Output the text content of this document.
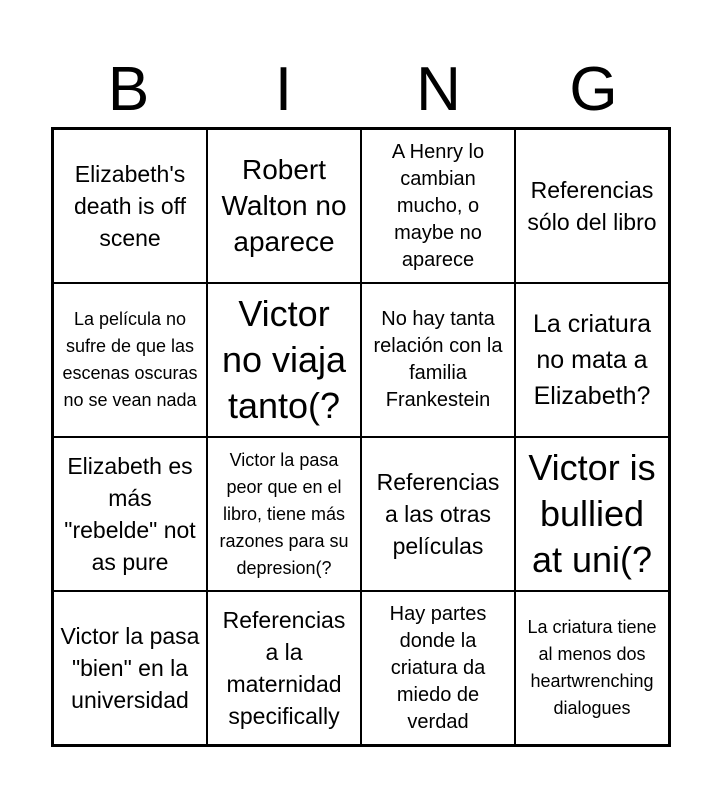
B	I	N	G
Elizabeth's death is off scene
Robert Walton no aparece
A Henry lo cambian mucho, o maybe no aparece
Referencias sólo del libro
La película no sufre de que las escenas oscuras no se vean nada
Victor no viaja tanto(?
No hay tanta relación con la familia Frankestein
La criatura no mata a Elizabeth?
Elizabeth es más "rebelde" not as pure
Victor la pasa peor que en el libro, tiene más razones para su depresion(?
Referencias a las otras películas
Victor is bullied at uni(?
Victor la pasa "bien" en la universidad
Referencias a la maternidad specifically
Hay partes donde la criatura da miedo de verdad
La criatura tiene al menos dos heartwrenching dialogues
